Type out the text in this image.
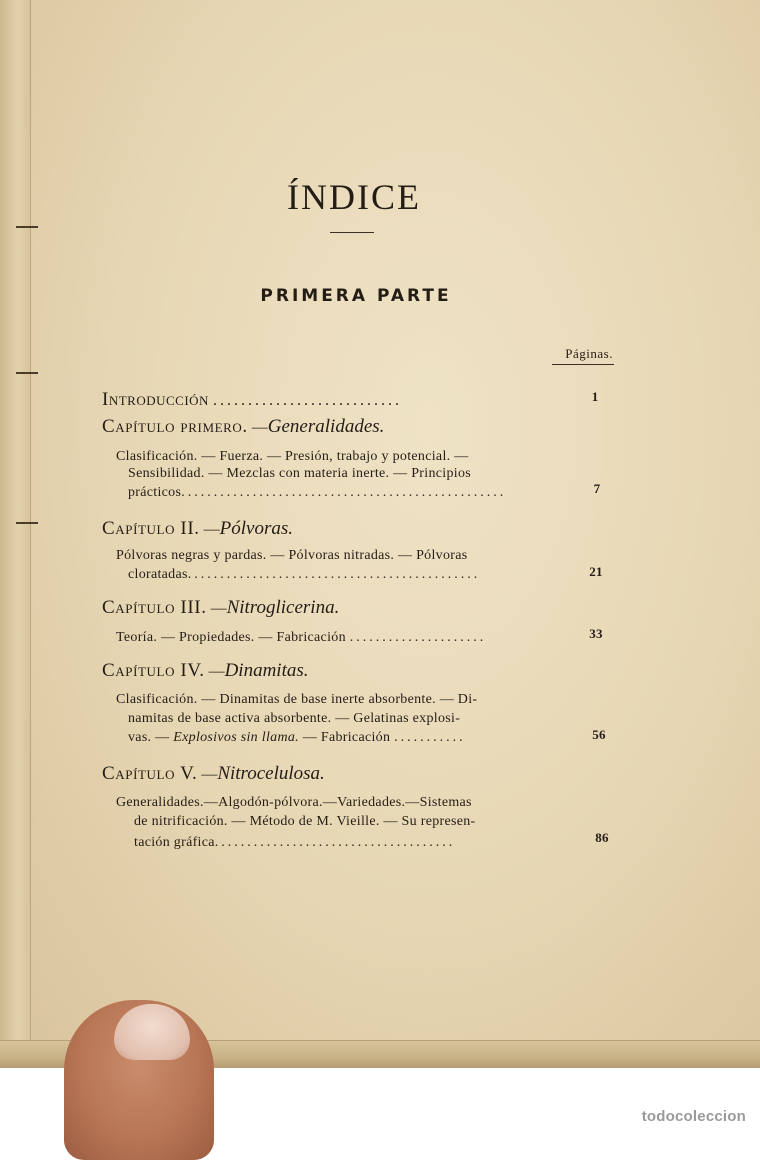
ÍNDICE
PRIMERA PARTE
Páginas.
Introducción ...........................	1
Capítulo primero. —Generalidades.
Clasificación. — Fuerza. — Presión, trabajo y potencial. —
Sensibilidad. — Mezclas con materia inerte. — Principios
prácticos..................................................	7
Capítulo II. —Pólvoras.
Pólvoras negras y pardas. — Pólvoras nitradas. — Pólvoras
cloratadas.............................................	21
Capítulo III. —Nitroglicerina.
Teoría. — Propiedades. — Fabricación .....................	33
Capítulo IV. —Dinamitas.
Clasificación. — Dinamitas de base inerte absorbente. — Di-
namitas de base activa absorbente. — Gelatinas explosi-
vas. — Explosivos sin llama. — Fabricación ...........	56
Capítulo V. —Nitrocelulosa.
Generalidades.—Algodón-pólvora.—Variedades.—Sistemas
de nitrificación. — Método de M. Vieille. — Su represen-
tación gráfica.....................................	86
todocoleccion
